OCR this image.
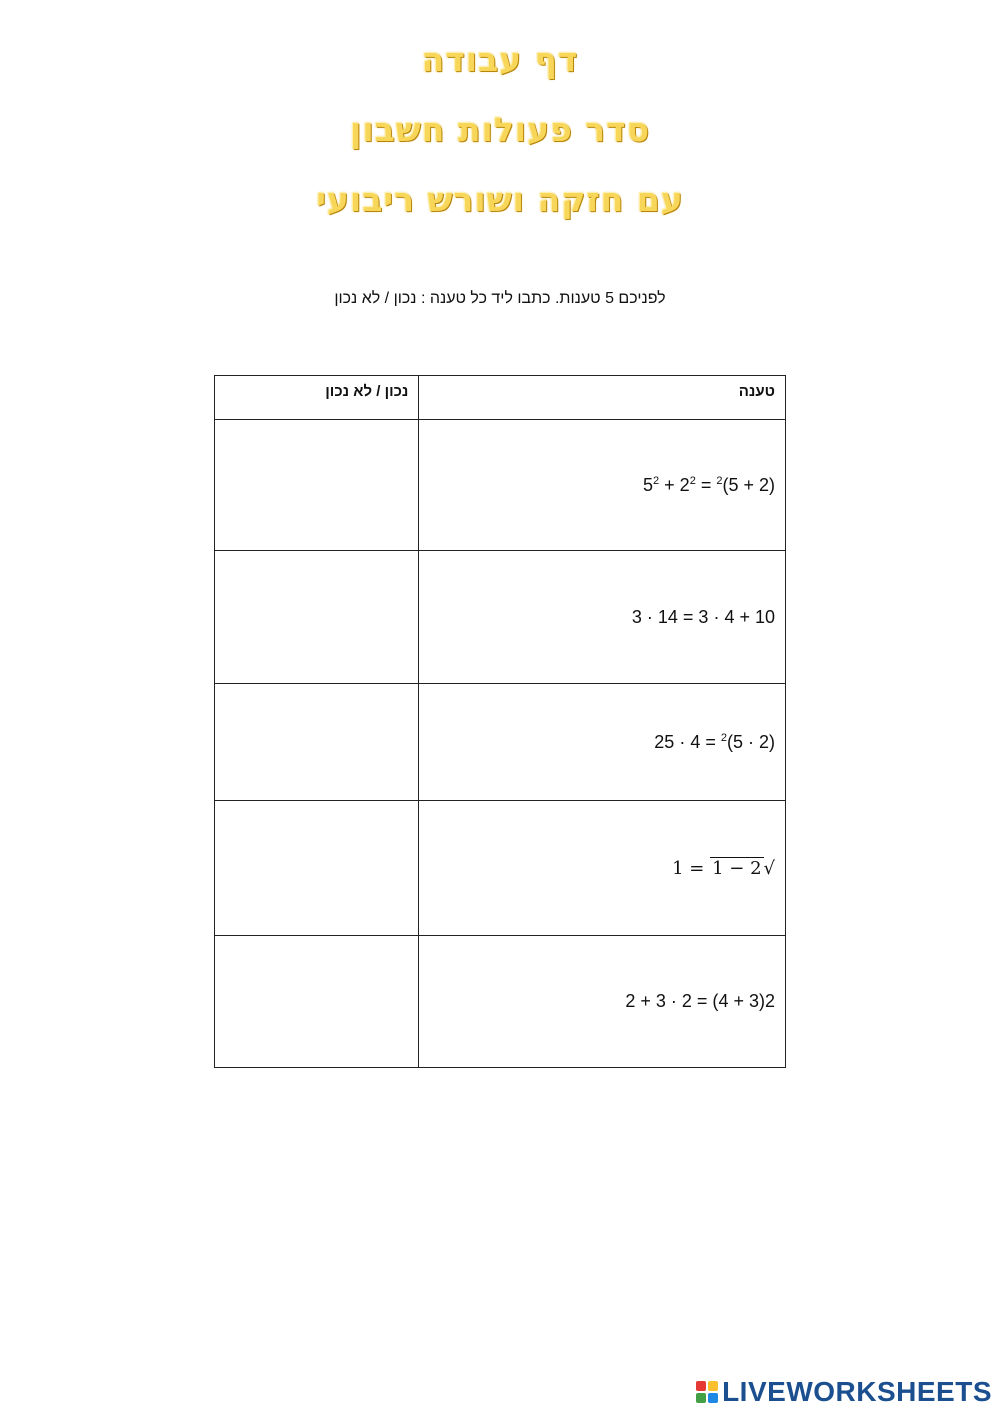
דף עבודה
סדר פעולות חשבון
עם חזקה ושורש ריבועי
לפניכם 5 טענות. כתבו ליד כל טענה : נכון / לא נכון
נכון / לא נכון	טענה
	$(2 + 5)^2 = 2^2 + 5^2$
	10 + 4 · 3 = 14 · 3
	$(2 \cdot 5)^2 = 4 \cdot 25$
	√2 − 1 = 1
	2(3 + 4) = 2 · 3 + 2
LIVEWORKSHEETS
